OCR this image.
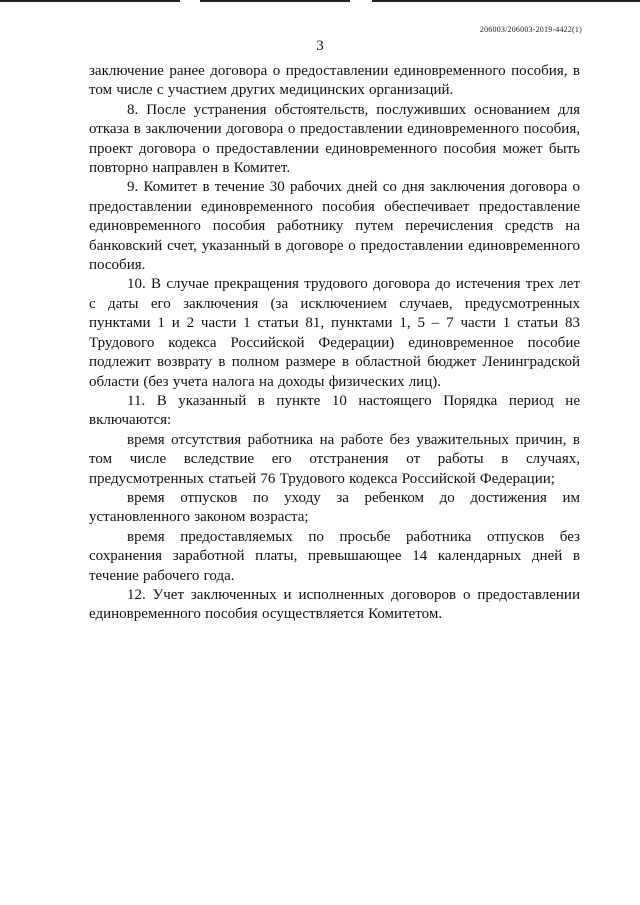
206003/206003-2019-4422(1)
3

заключение ранее договора о предоставлении единовременного пособия, в том числе с участием других медицинских организаций.

8. После устранения обстоятельств, послуживших основанием для отказа в заключении договора о предоставлении единовременного пособия, проект договора о предоставлении единовременного пособия может быть повторно направлен в Комитет.

9. Комитет в течение 30 рабочих дней со дня заключения договора о предоставлении единовременного пособия обеспечивает предоставление единовременного пособия работнику путем перечисления средств на банковский счет, указанный в договоре о предоставлении единовременного пособия.

10. В случае прекращения трудового договора до истечения трех лет с даты его заключения (за исключением случаев, предусмотренных пунктами 1 и 2 части 1 статьи 81, пунктами 1, 5 – 7 части 1 статьи 83 Трудового кодекса Российской Федерации) единовременное пособие подлежит возврату в полном размере в областной бюджет Ленинградской области (без учета налога на доходы физических лиц).

11. В указанный в пункте 10 настоящего Порядка период не включаются:

время отсутствия работника на работе без уважительных причин, в том числе вследствие его отстранения от работы в случаях, предусмотренных статьей 76 Трудового кодекса Российской Федерации;

время отпусков по уходу за ребенком до достижения им установленного законом возраста;

время предоставляемых по просьбе работника отпусков без сохранения заработной платы, превышающее 14 календарных дней в течение рабочего года.

12. Учет заключенных и исполненных договоров о предоставлении единовременного пособия осуществляется Комитетом.
